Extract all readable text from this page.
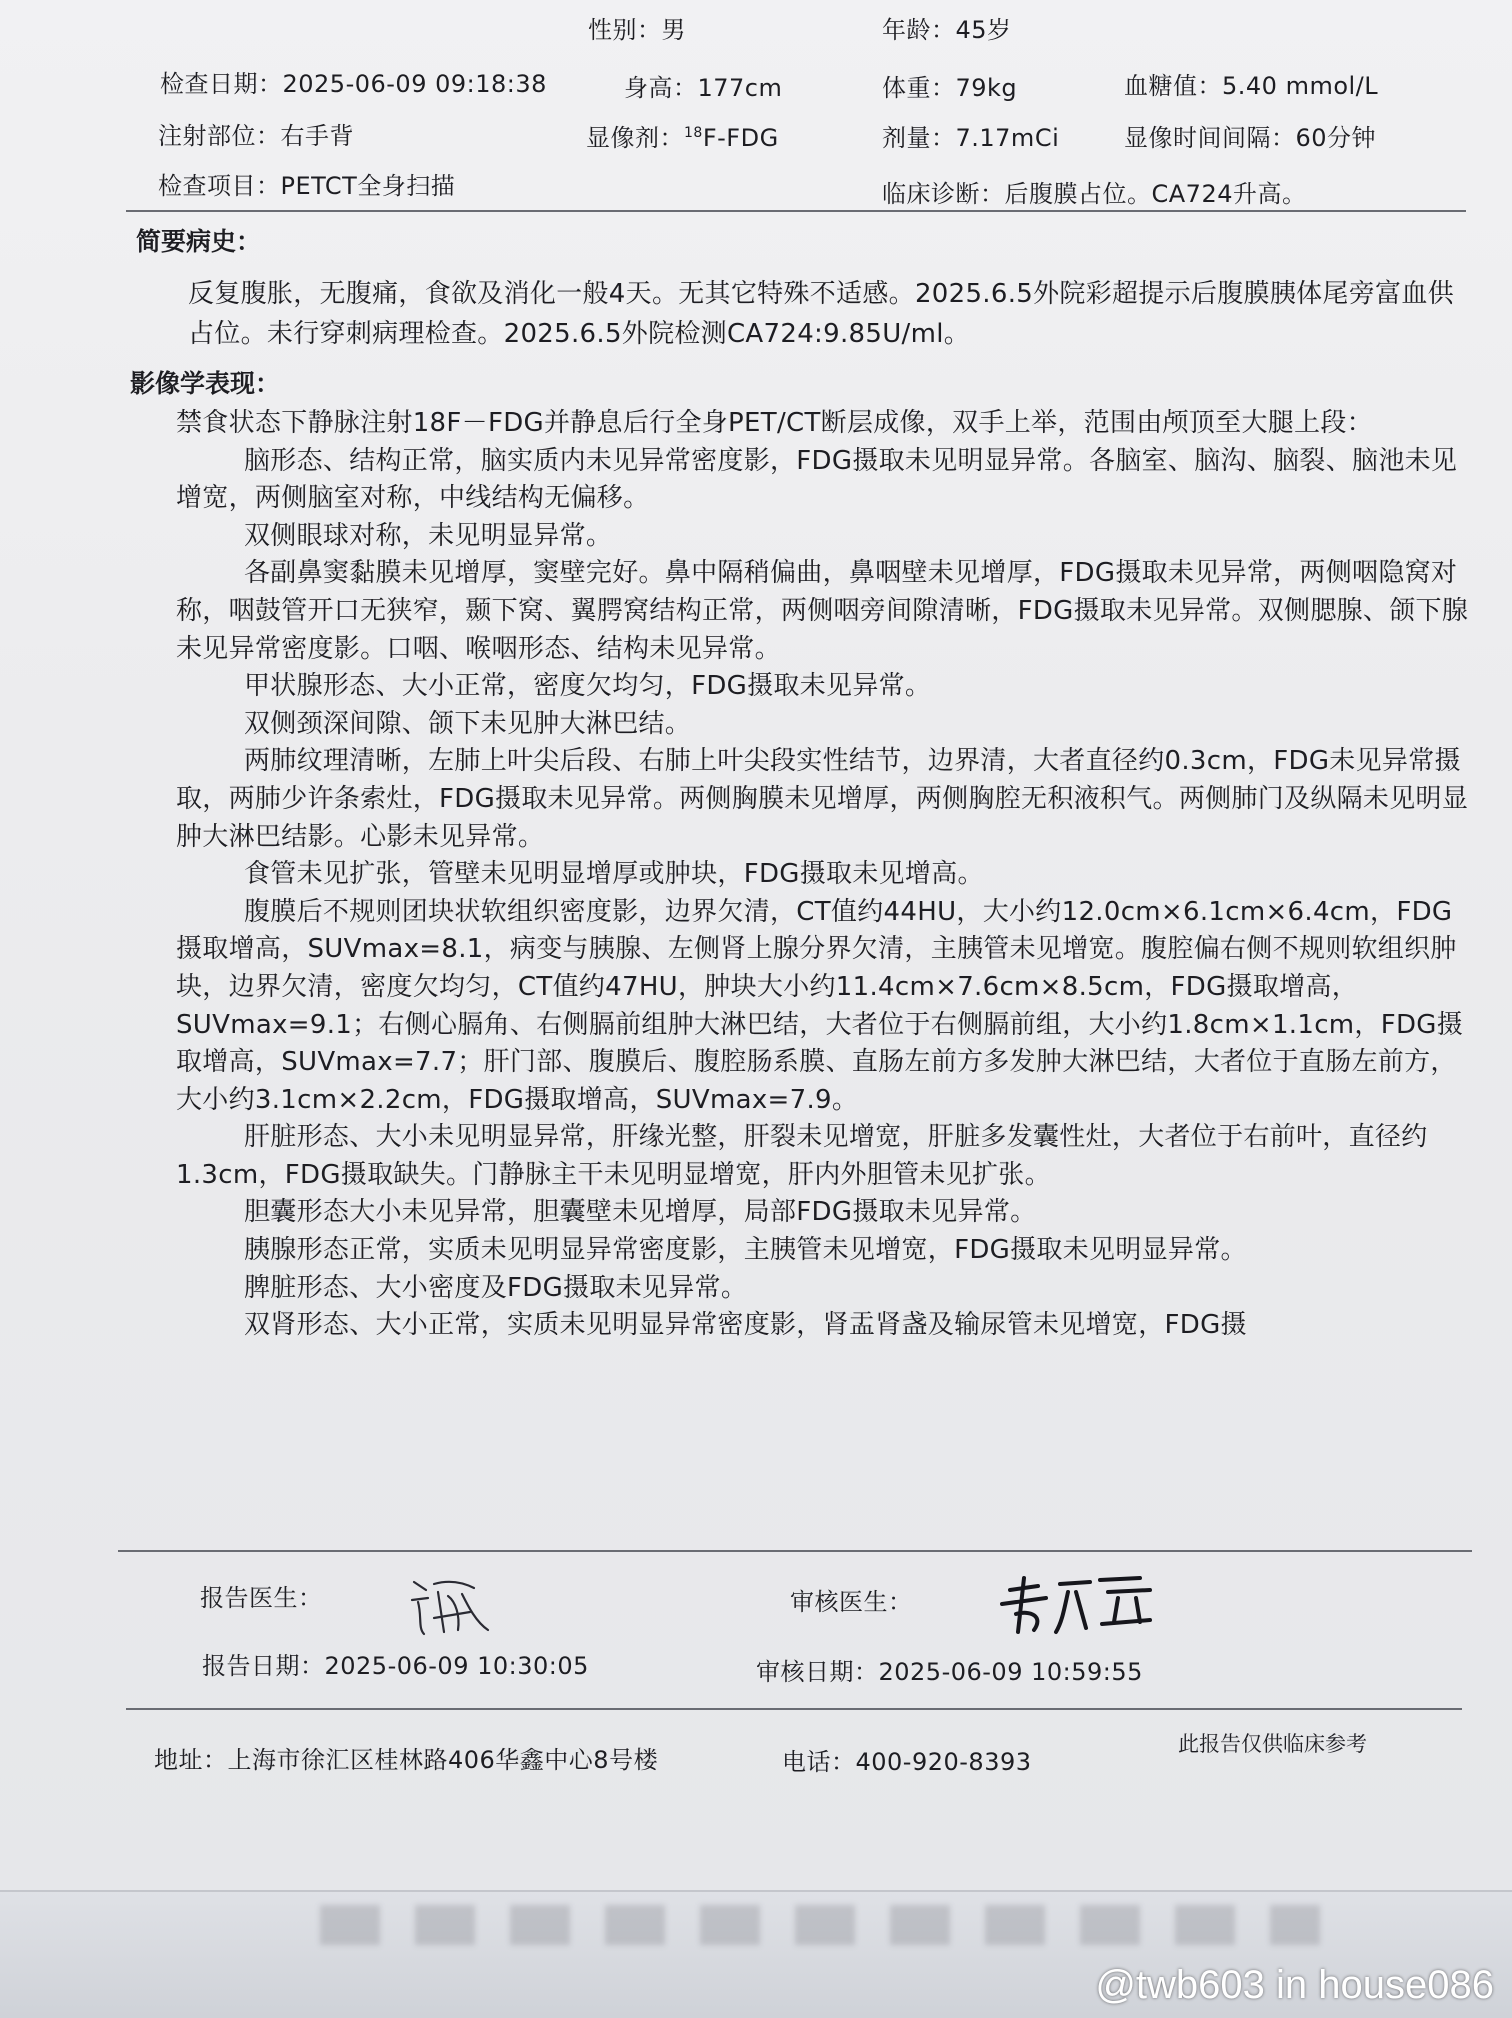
性别：男	年龄：45岁
检查日期：2025-06-09 09:18:38	身高：177cm	体重：79kg	血糖值：5.40 mmol/L
注射部位：右手背	显像剂：$^{18}$F-FDG	剂量：7.17mCi	显像时间间隔：60分钟
检查项目：PETCT全身扫描	临床诊断：后腹膜占位。CA724升高。
简要病史：
反复腹胀，无腹痛，食欲及消化一般4天。无其它特殊不适感。2025.6.5外院彩超提示后腹膜胰体尾旁富血供占位。未行穿刺病理检查。2025.6.5外院检测CA724:9.85U/ml。
影像学表现：

禁食状态下静脉注射18F－FDG并静息后行全身PET/CT断层成像，双手上举，范围由颅顶至大腿上段：

脑形态、结构正常，脑实质内未见异常密度影，FDG摄取未见明显异常。各脑室、脑沟、脑裂、脑池未见增宽，两侧脑室对称，中线结构无偏移。

双侧眼球对称，未见明显异常。

各副鼻窦黏膜未见增厚，窦壁完好。鼻中隔稍偏曲，鼻咽壁未见增厚，FDG摄取未见异常，两侧咽隐窝对称，咽鼓管开口无狭窄，颞下窝、翼腭窝结构正常，两侧咽旁间隙清晰，FDG摄取未见异常。双侧腮腺、颌下腺未见异常密度影。口咽、喉咽形态、结构未见异常。

甲状腺形态、大小正常，密度欠均匀，FDG摄取未见异常。

双侧颈深间隙、颌下未见肿大淋巴结。

两肺纹理清晰，左肺上叶尖后段、右肺上叶尖段实性结节，边界清，大者直径约0.3cm，FDG未见异常摄取，两肺少许条索灶，FDG摄取未见异常。两侧胸膜未见增厚，两侧胸腔无积液积气。两侧肺门及纵隔未见明显肿大淋巴结影。心影未见异常。

食管未见扩张，管壁未见明显增厚或肿块，FDG摄取未见增高。

腹膜后不规则团块状软组织密度影，边界欠清，CT值约44HU，大小约12.0cm×6.1cm×6.4cm，FDG摄取增高，SUVmax=8.1，病变与胰腺、左侧肾上腺分界欠清，主胰管未见增宽。腹腔偏右侧不规则软组织肿块，边界欠清，密度欠均匀，CT值约47HU，肿块大小约11.4cm×7.6cm×8.5cm，FDG摄取增高，SUVmax=9.1；右侧心膈角、右侧膈前组肿大淋巴结，大者位于右侧膈前组，大小约1.8cm×1.1cm，FDG摄取增高，SUVmax=7.7；肝门部、腹膜后、腹腔肠系膜、直肠左前方多发肿大淋巴结，大者位于直肠左前方，大小约3.1cm×2.2cm，FDG摄取增高，SUVmax=7.9。

肝脏形态、大小未见明显异常，肝缘光整，肝裂未见增宽，肝脏多发囊性灶，大者位于右前叶，直径约1.3cm，FDG摄取缺失。门静脉主干未见明显增宽，肝内外胆管未见扩张。

胆囊形态大小未见异常，胆囊壁未见增厚，局部FDG摄取未见异常。

胰腺形态正常，实质未见明显异常密度影，主胰管未见增宽，FDG摄取未见明显异常。

脾脏形态、大小密度及FDG摄取未见异常。

双肾形态、大小正常，实质未见明显异常密度影，肾盂肾盏及输尿管未见增宽，FDG摄

报告医生：	审核医生：
报告日期：2025-06-09 10:30:05	审核日期：2025-06-09 10:59:55
地址：上海市徐汇区桂林路406华鑫中心8号楼	电话：400-920-8393
此报告仅供临床参考
@twb603 in house086
